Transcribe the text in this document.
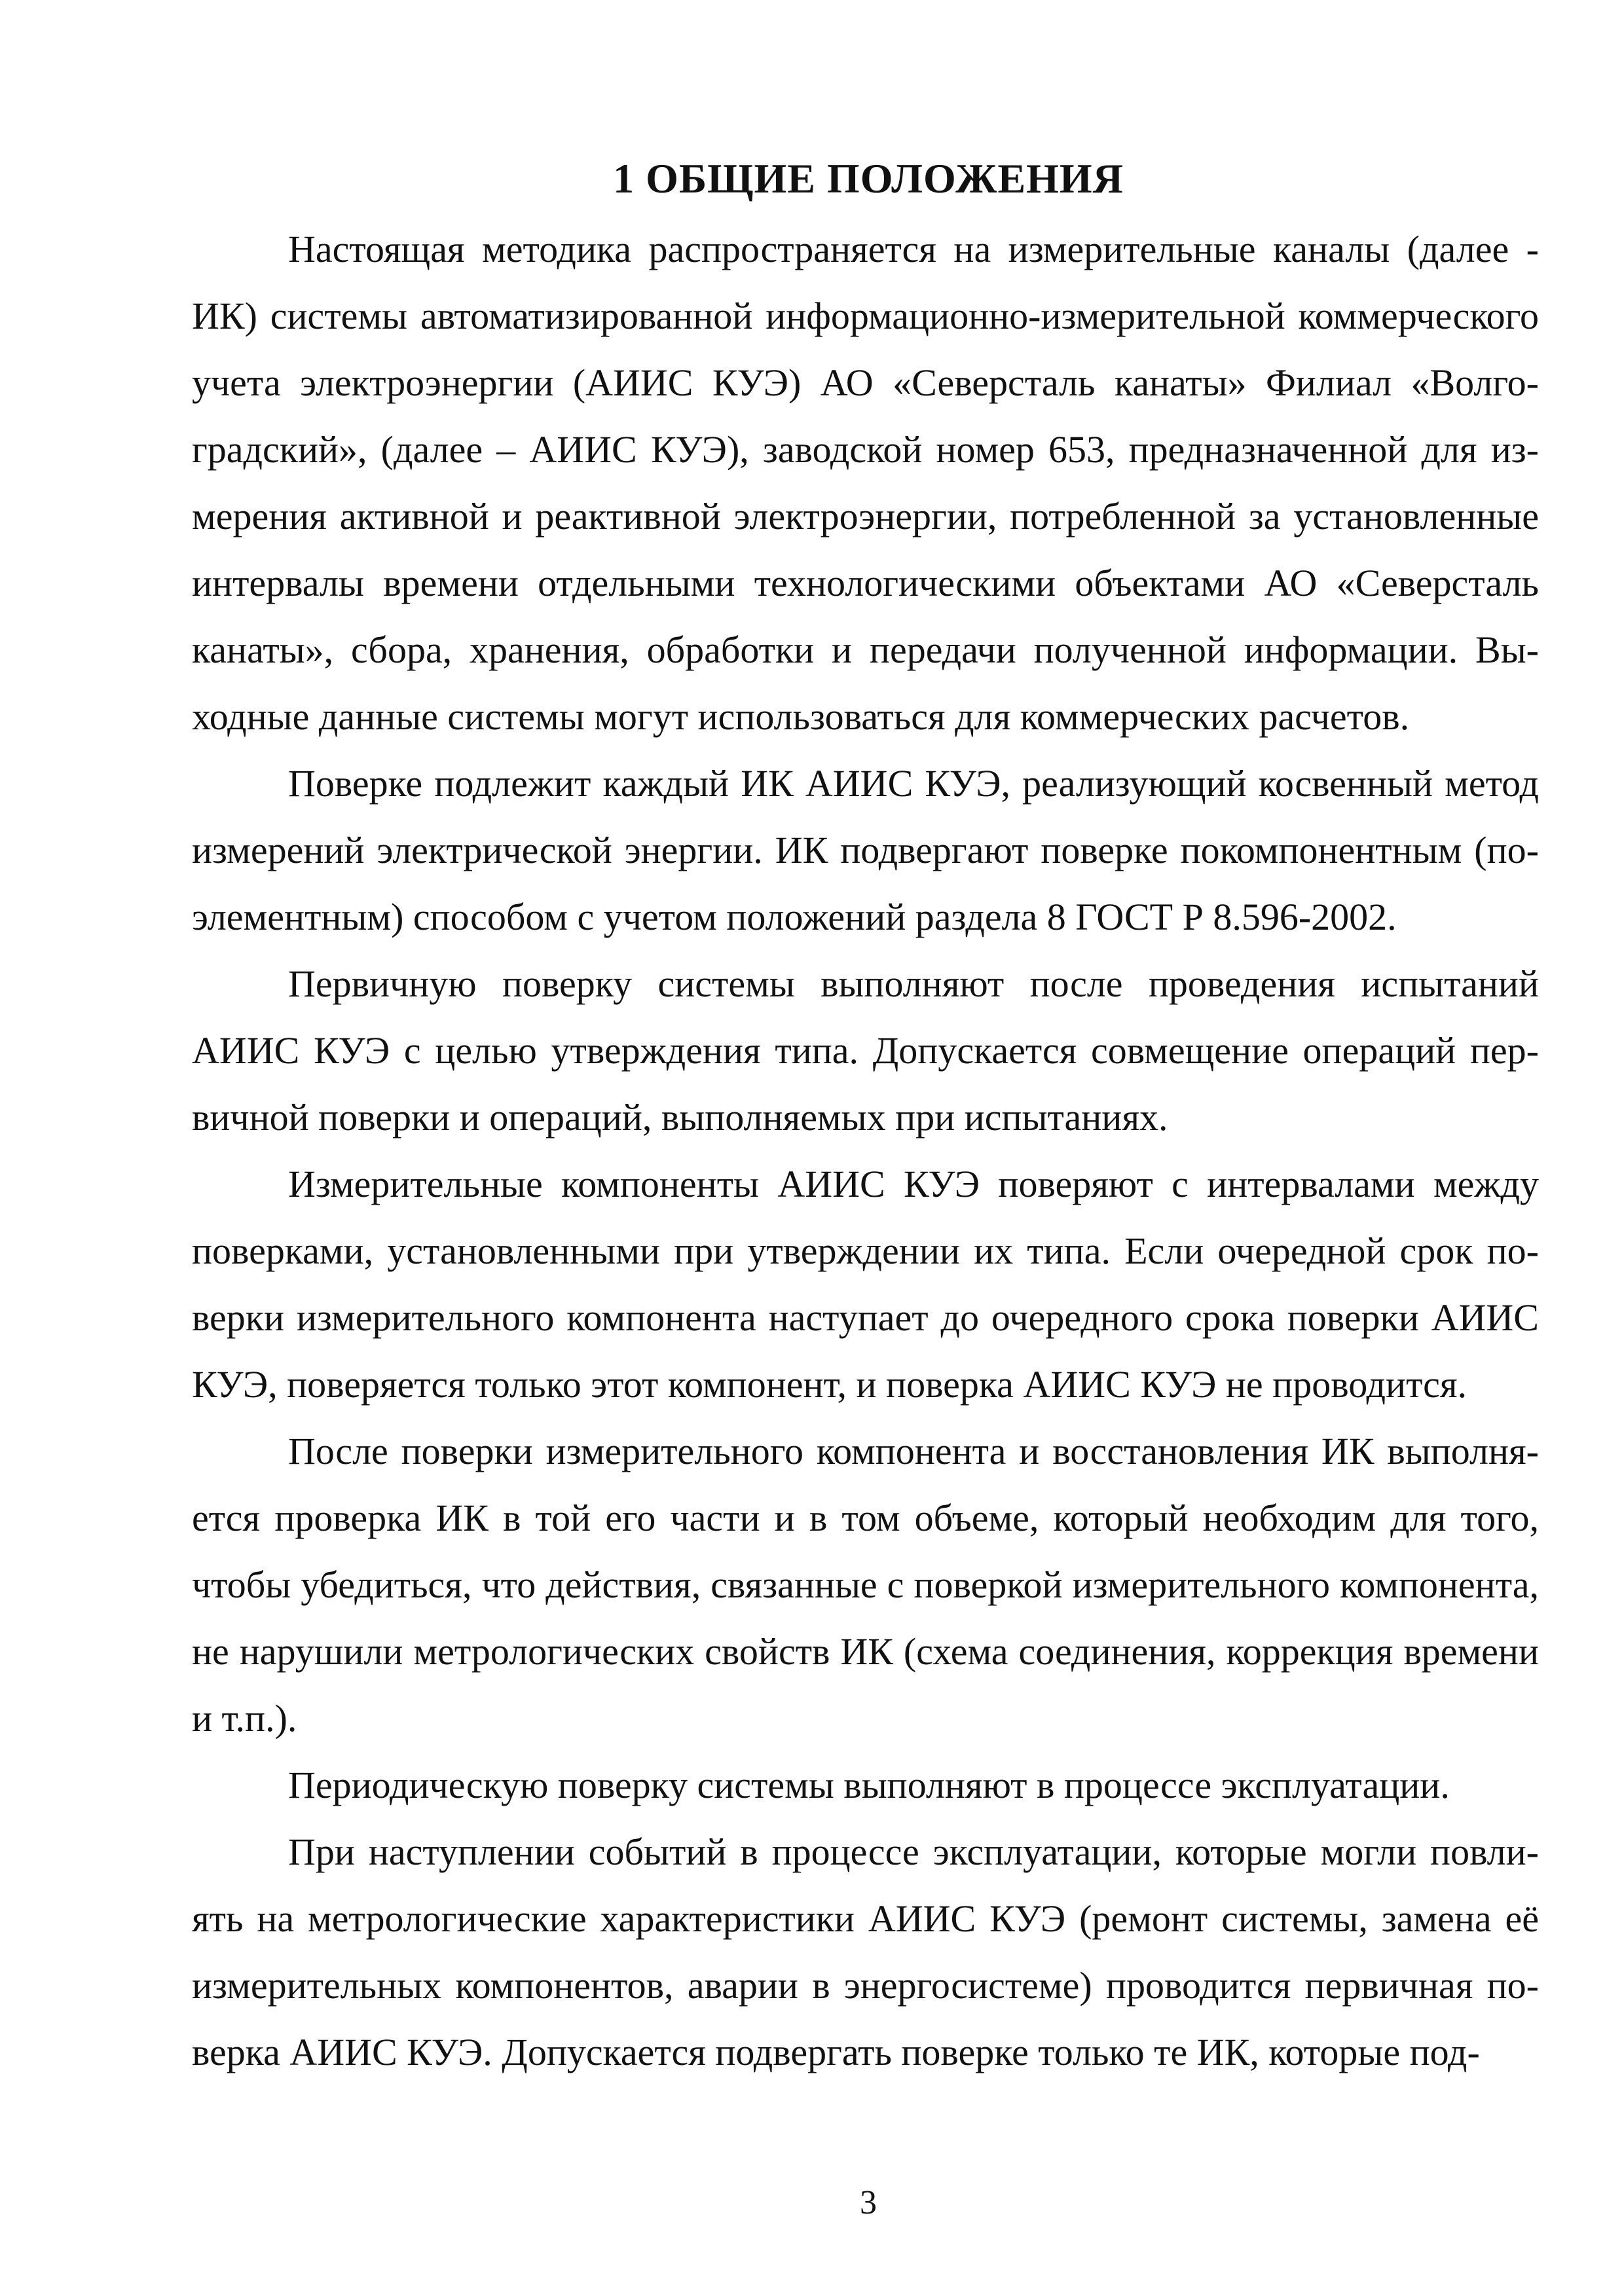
1 ОБЩИЕ ПОЛОЖЕНИЯ

Настоящая методика распространяется на измерительные каналы (далее - ИК) системы автоматизированной информационно-измерительной коммерческого учета электроэнергии (АИИС КУЭ) АО «Северсталь канаты» Филиал «Волгоградский», (далее – АИИС КУЭ), заводской номер 653, предназначенной для измерения активной и реактивной электроэнергии, потребленной за установленные интервалы времени отдельными технологическими объектами АО «Северсталь канаты», сбора, хранения, обработки и передачи полученной информации. Выходные данные системы могут использоваться для коммерческих расчетов.

Поверке подлежит каждый ИК АИИС КУЭ, реализующий косвенный метод измерений электрической энергии. ИК подвергают поверке покомпонентным (поэлементным) способом с учетом положений раздела 8 ГОСТ Р 8.596-2002.

Первичную поверку системы выполняют после проведения испытаний АИИС КУЭ с целью утверждения типа. Допускается совмещение операций первичной поверки и операций, выполняемых при испытаниях.

Измерительные компоненты АИИС КУЭ поверяют с интервалами между поверками, установленными при утверждении их типа. Если очередной срок поверки измерительного компонента наступает до очередного срока поверки АИИС КУЭ, поверяется только этот компонент, и поверка АИИС КУЭ не проводится.

После поверки измерительного компонента и восстановления ИК выполняется проверка ИК в той его части и в том объеме, который необходим для того, чтобы убедиться, что действия, связанные с поверкой измерительного компонента, не нарушили метрологических свойств ИК (схема соединения, коррекция времени и т.п.).

Периодическую поверку системы выполняют в процессе эксплуатации.

При наступлении событий в процессе эксплуатации, которые могли повлиять на метрологические характеристики АИИС КУЭ (ремонт системы, замена её измерительных компонентов, аварии в энергосистеме) проводится первичная поверка АИИС КУЭ. Допускается подвергать поверке только те ИК, которые под-

3
